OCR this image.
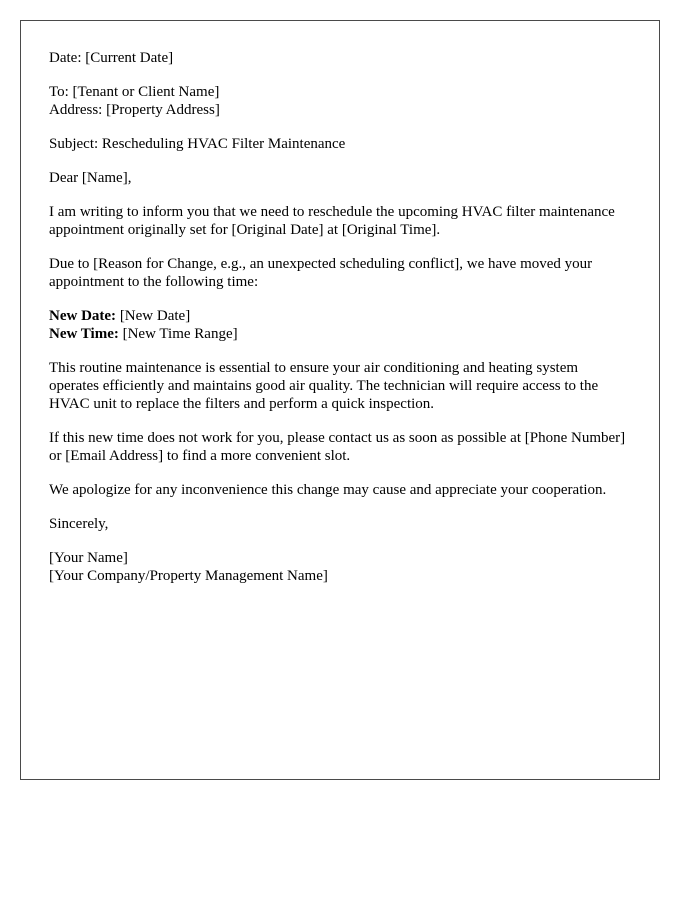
Date: [Current Date]
To: [Tenant or Client Name]
Address: [Property Address]
Subject: Rescheduling HVAC Filter Maintenance
Dear [Name],

I am writing to inform you that we need to reschedule the upcoming HVAC filter maintenance appointment originally set for [Original Date] at [Original Time].

Due to [Reason for Change, e.g., an unexpected scheduling conflict], we have moved your appointment to the following time:

New Date: [New Date]
New Time: [New Time Range]

This routine maintenance is essential to ensure your air conditioning and heating system operates efficiently and maintains good air quality. The technician will require access to the HVAC unit to replace the filters and perform a quick inspection.

If this new time does not work for you, please contact us as soon as possible at [Phone Number] or [Email Address] to find a more convenient slot.

We apologize for any inconvenience this change may cause and appreciate your cooperation.

Sincerely,
[Your Name]
[Your Company/Property Management Name]
